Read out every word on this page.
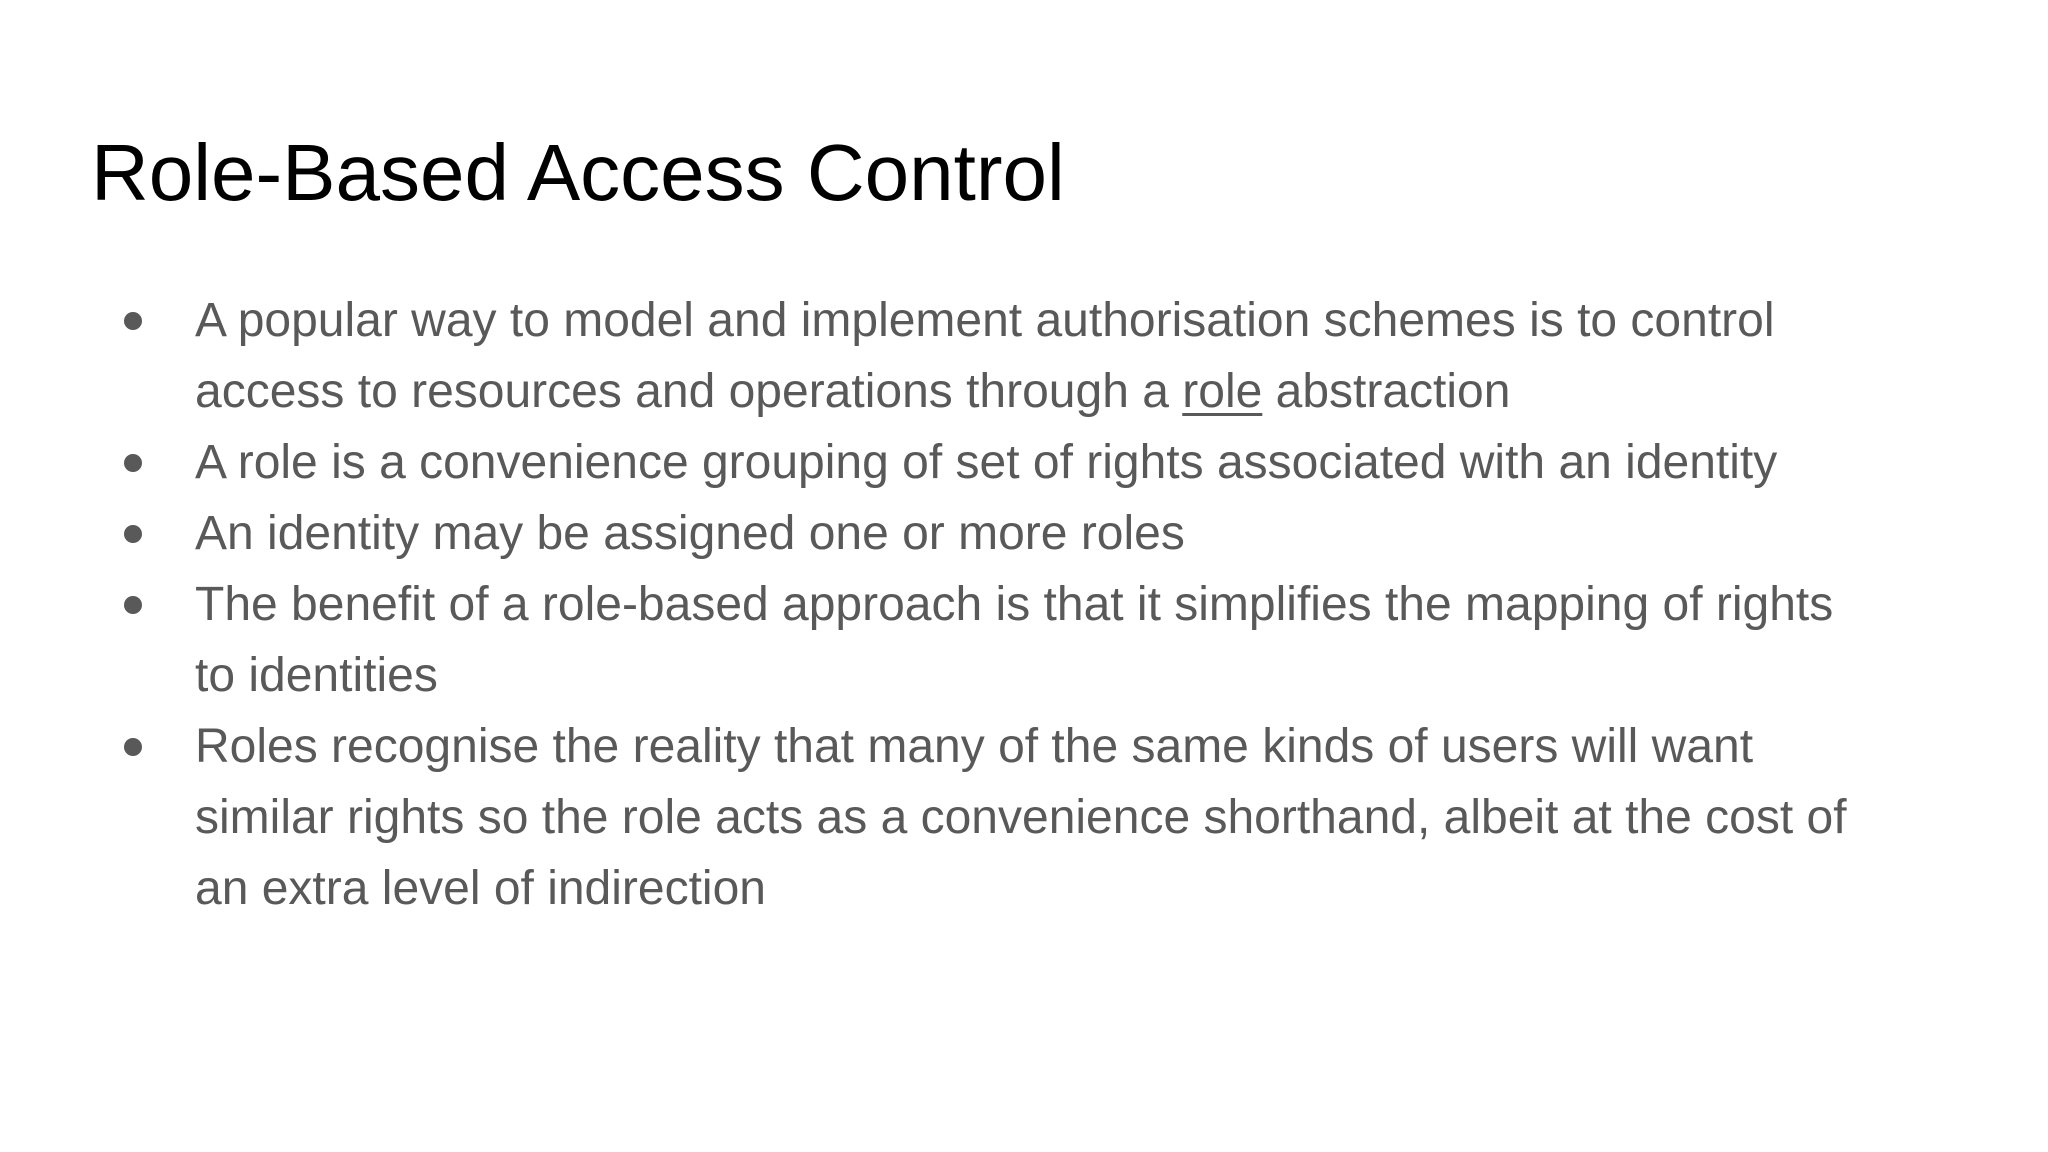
Role-Based Access Control
A popular way to model and implement authorisation schemes is to control
access to resources and operations through a role abstraction
A role is a convenience grouping of set of rights associated with an identity
An identity may be assigned one or more roles
The benefit of a role-based approach is that it simplifies the mapping of rights
to identities
Roles recognise the reality that many of the same kinds of users will want
similar rights so the role acts as a convenience shorthand, albeit at the cost of
an extra level of indirection
